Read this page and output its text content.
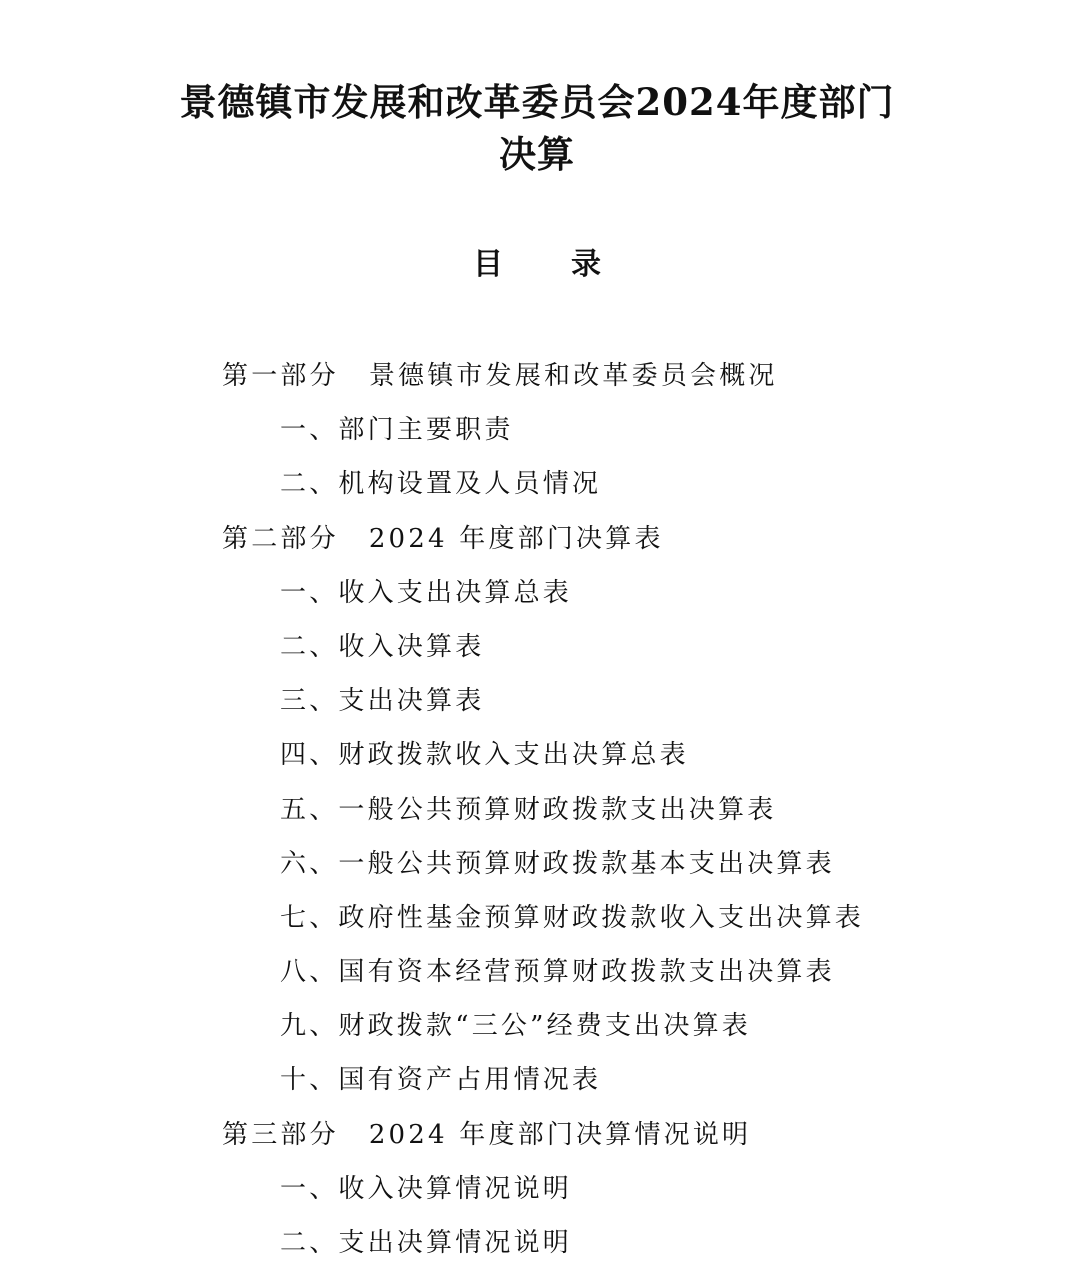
景德镇市发展和改革委员会2024年度部门
决算
目 录
第一部分 景德镇市发展和改革委员会概况
一、部门主要职责
二、机构设置及人员情况
第二部分 2024 年度部门决算表
一、收入支出决算总表
二、收入决算表
三、支出决算表
四、财政拨款收入支出决算总表
五、一般公共预算财政拨款支出决算表
六、一般公共预算财政拨款基本支出决算表
七、政府性基金预算财政拨款收入支出决算表
八、国有资本经营预算财政拨款支出决算表
九、财政拨款“三公”经费支出决算表
十、国有资产占用情况表
第三部分 2024 年度部门决算情况说明
一、收入决算情况说明
二、支出决算情况说明
